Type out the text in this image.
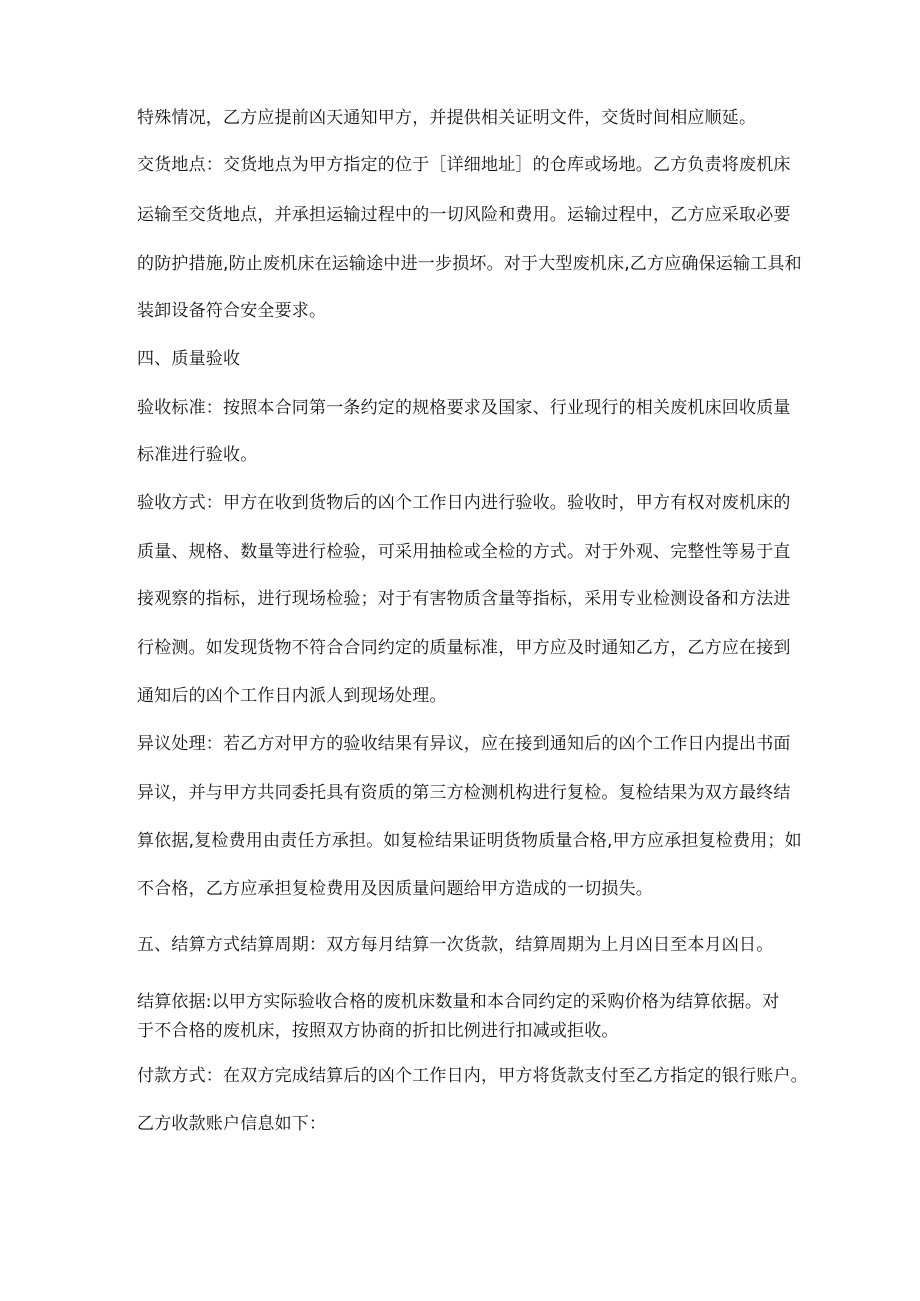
特殊情况，乙方应提前凶天通知甲方，并提供相关证明文件，交货时间相应顺延。
交货地点：交货地点为甲方指定的位于［详细地址］的仓库或场地。乙方负责将废机床
运输至交货地点，并承担运输过程中的一切风险和费用。运输过程中，乙方应采取必要
的防护措施,防止废机床在运输途中进一步损坏。对于大型废机床,乙方应确保运输工具和
装卸设备符合安全要求。
四、质量验收
验收标准：按照本合同第一条约定的规格要求及国家、行业现行的相关废机床回收质量
标准进行验收。
验收方式：甲方在收到货物后的凶个工作日内进行验收。验收时，甲方有权对废机床的
质量、规格、数量等进行检验，可采用抽检或全检的方式。对于外观、完整性等易于直
接观察的指标，进行现场检验；对于有害物质含量等指标，采用专业检测设备和方法进
行检测。如发现货物不符合合同约定的质量标准，甲方应及时通知乙方，乙方应在接到
通知后的凶个工作日内派人到现场处理。
异议处理：若乙方对甲方的验收结果有异议，应在接到通知后的凶个工作日内提出书面
异议，并与甲方共同委托具有资质的第三方检测机构进行复检。复检结果为双方最终结
算依据,复检费用由责任方承担。如复检结果证明货物质量合格,甲方应承担复检费用；如
不合格，乙方应承担复检费用及因质量问题给甲方造成的一切损失。
五、结算方式结算周期：双方每月结算一次货款，结算周期为上月凶日至本月凶日。
结算依据:以甲方实际验收合格的废机床数量和本合同约定的采购价格为结算依据。对
于不合格的废机床，按照双方协商的折扣比例进行扣减或拒收。
付款方式：在双方完成结算后的凶个工作日内，甲方将货款支付至乙方指定的银行账户。
乙方收款账户信息如下：
